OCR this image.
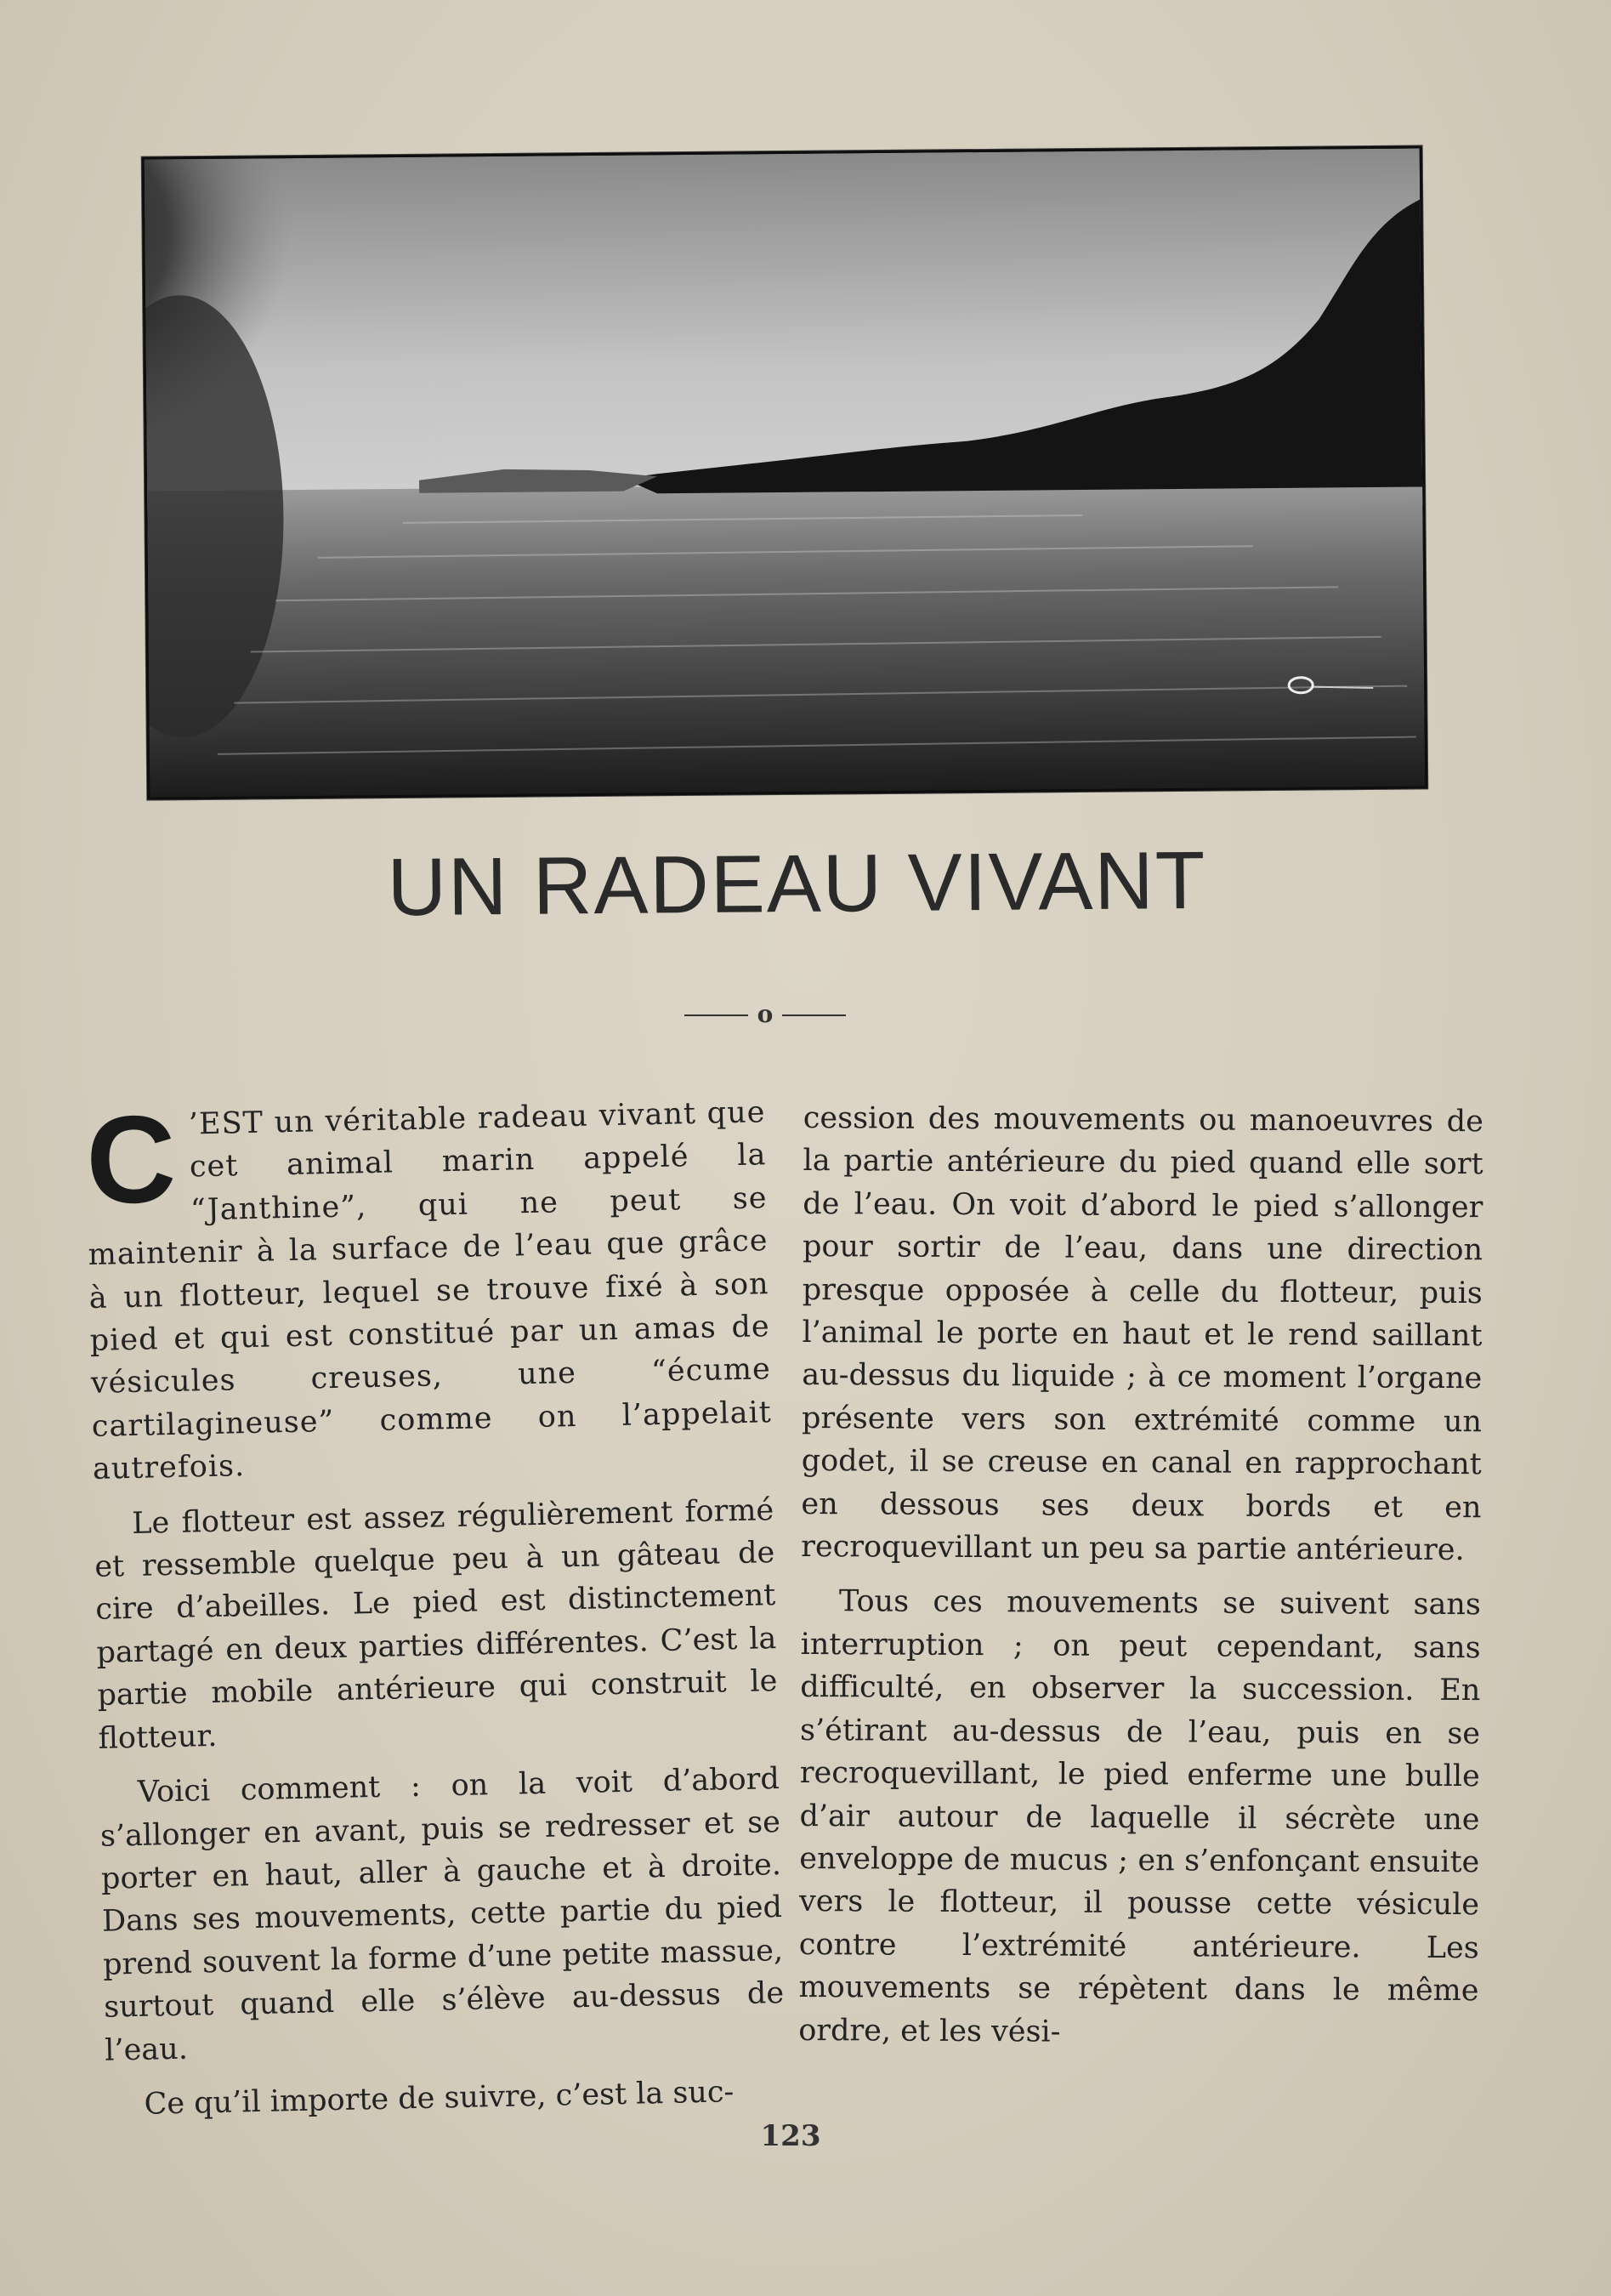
UN RADEAU VIVANT
o

C ’EST un véritable radeau vivant que cet animal marin appelé la “Janthine”, qui ne peut se maintenir à la surface de l’eau que grâce à un flotteur, lequel se trouve fixé à son pied et qui est constitué par un amas de vésicules creuses, une “écume cartilagineuse” comme on l’appelait autrefois.

Le flotteur est assez régulièrement formé et ressemble quelque peu à un gâteau de cire d’abeilles. Le pied est distinctement partagé en deux parties différentes. C’est la partie mobile antérieure qui construit le flotteur.

Voici comment : on la voit d’abord s’allonger en avant, puis se redresser et se porter en haut, aller à gauche et à droite. Dans ses mouvements, cette partie du pied prend souvent la forme d’une petite massue, surtout quand elle s’élève au-dessus de l’eau.

Ce qu’il importe de suivre, c’est la suc-

cession des mouvements ou manoeuvres de la partie antérieure du pied quand elle sort de l’eau. On voit d’abord le pied s’allonger pour sortir de l’eau, dans une direction presque opposée à celle du flotteur, puis l’animal le porte en haut et le rend saillant au-dessus du liquide ; à ce moment l’organe présente vers son extrémité comme un godet, il se creuse en canal en rapprochant en dessous ses deux bords et en recroquevillant un peu sa partie antérieure.

Tous ces mouvements se suivent sans interruption ; on peut cependant, sans difficulté, en observer la succession. En s’étirant au-dessus de l’eau, puis en se recroquevillant, le pied enferme une bulle d’air autour de laquelle il sécrète une enveloppe de mucus ; en s’enfonçant ensuite vers le flotteur, il pousse cette vésicule contre l’extrémité antérieure. Les mouvements se répètent dans le même ordre, et les vési-

123
